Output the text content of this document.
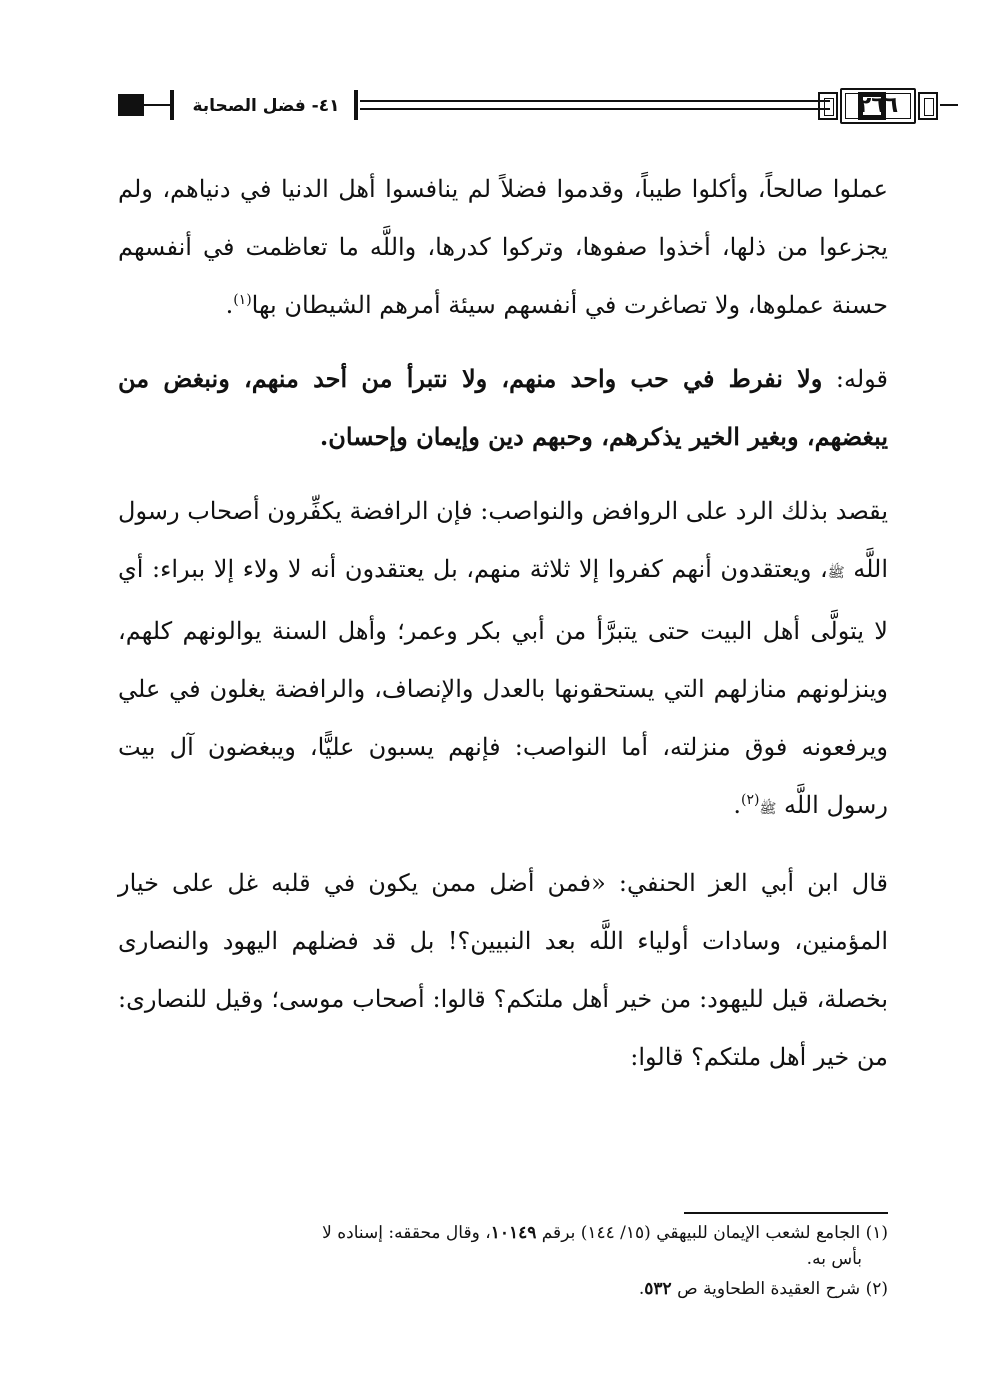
٤١- فضل الصحابة	٢٦٦

عملوا صالحاً، وأكلوا طيباً، وقدموا فضلاً لم ينافسوا أهل الدنيا في دنياهم، ولم يجزعوا من ذلها، أخذوا صفوها، وتركوا كدرها، واللَّه ما تعاظمت في أنفسهم حسنة عملوها، ولا تصاغرت في أنفسهم سيئة أمرهم الشيطان بها$^{(١)}$.

قوله: ولا نفرط في حب واحد منهم، ولا نتبرأ من أحد منهم، ونبغض من يبغضهم، وبغير الخير يذكرهم، وحبهم دين وإيمان وإحسان.

يقصد بذلك الرد على الروافض والنواصب: فإن الرافضة يكفِّرون أصحاب رسول اللَّه ﷺ، ويعتقدون أنهم كفروا إلا ثلاثة منهم، بل يعتقدون أنه لا ولاء إلا ببراء: أي لا يتولَّى أهل البيت حتى يتبرَّأ من أبي بكر وعمر؛ وأهل السنة يوالونهم كلهم، وينزلونهم منازلهم التي يستحقونها بالعدل والإنصاف، والرافضة يغلون في علي ويرفعونه فوق منزلته، أما النواصب: فإنهم يسبون عليًّا، ويبغضون آل بيت رسول اللَّه ﷺ$^{(٢)}$.

قال ابن أبي العز الحنفي: «فمن أضل ممن يكون في قلبه غل على خيار المؤمنين، وسادات أولياء اللَّه بعد النبيين؟! بل قد فضلهم اليهود والنصارى بخصلة، قيل لليهود: من خير أهل ملتكم؟ قالوا: أصحاب موسى؛ وقيل للنصارى: من خير أهل ملتكم؟ قالوا:

(١) الجامع لشعب الإيمان للبيهقي (١٥/ ١٤٤) برقم ١٠١٤٩، وقال محققه: إسناده لا
بأس به.

(٢) شرح العقيدة الطحاوية ص ٥٣٢.
